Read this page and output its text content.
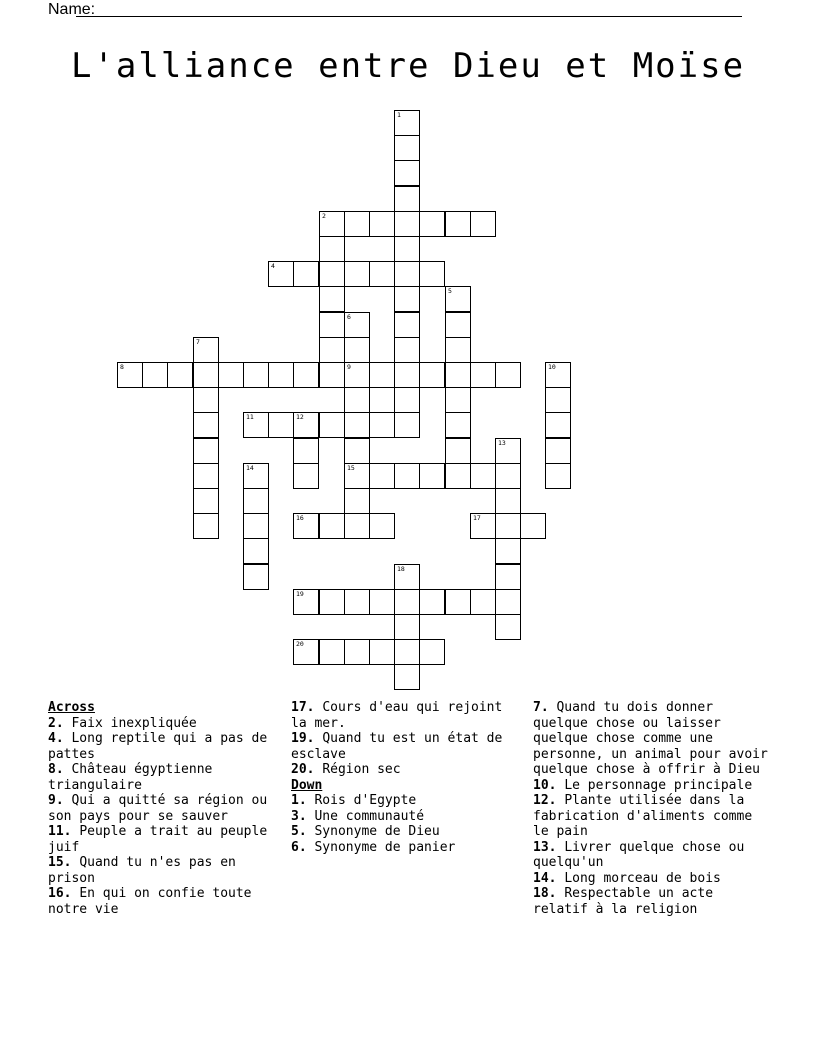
Name:
L'alliance entre Dieu et Moïse
1
2
5
6
9
15
7
10
12
13
14
18
4
8
11
16	17
19
20
Across
2. Faix inexpliquée
4. Long reptile qui a pas de pattes
8. Château égyptienne triangulaire
9. Qui a quitté sa région ou son pays pour se sauver
11. Peuple a trait au peuple juif
15. Quand tu n'es pas en prison
16. En qui on confie toute notre vie
17. Cours d'eau qui rejoint la mer.
19. Quand tu est un état de esclave
20. Région sec
Down
1. Rois d'Egypte
3. Une communauté
5. Synonyme de Dieu
6. Synonyme de panier
7. Quand tu dois donner quelque chose ou laisser quelque chose comme une personne, un animal pour avoir quelque chose à offrir à Dieu
10. Le personnage principale
12. Plante utilisée dans la fabrication d'aliments comme le pain
13. Livrer quelque chose ou quelqu'un
14. Long morceau de bois
18. Respectable un acte relatif à la religion
